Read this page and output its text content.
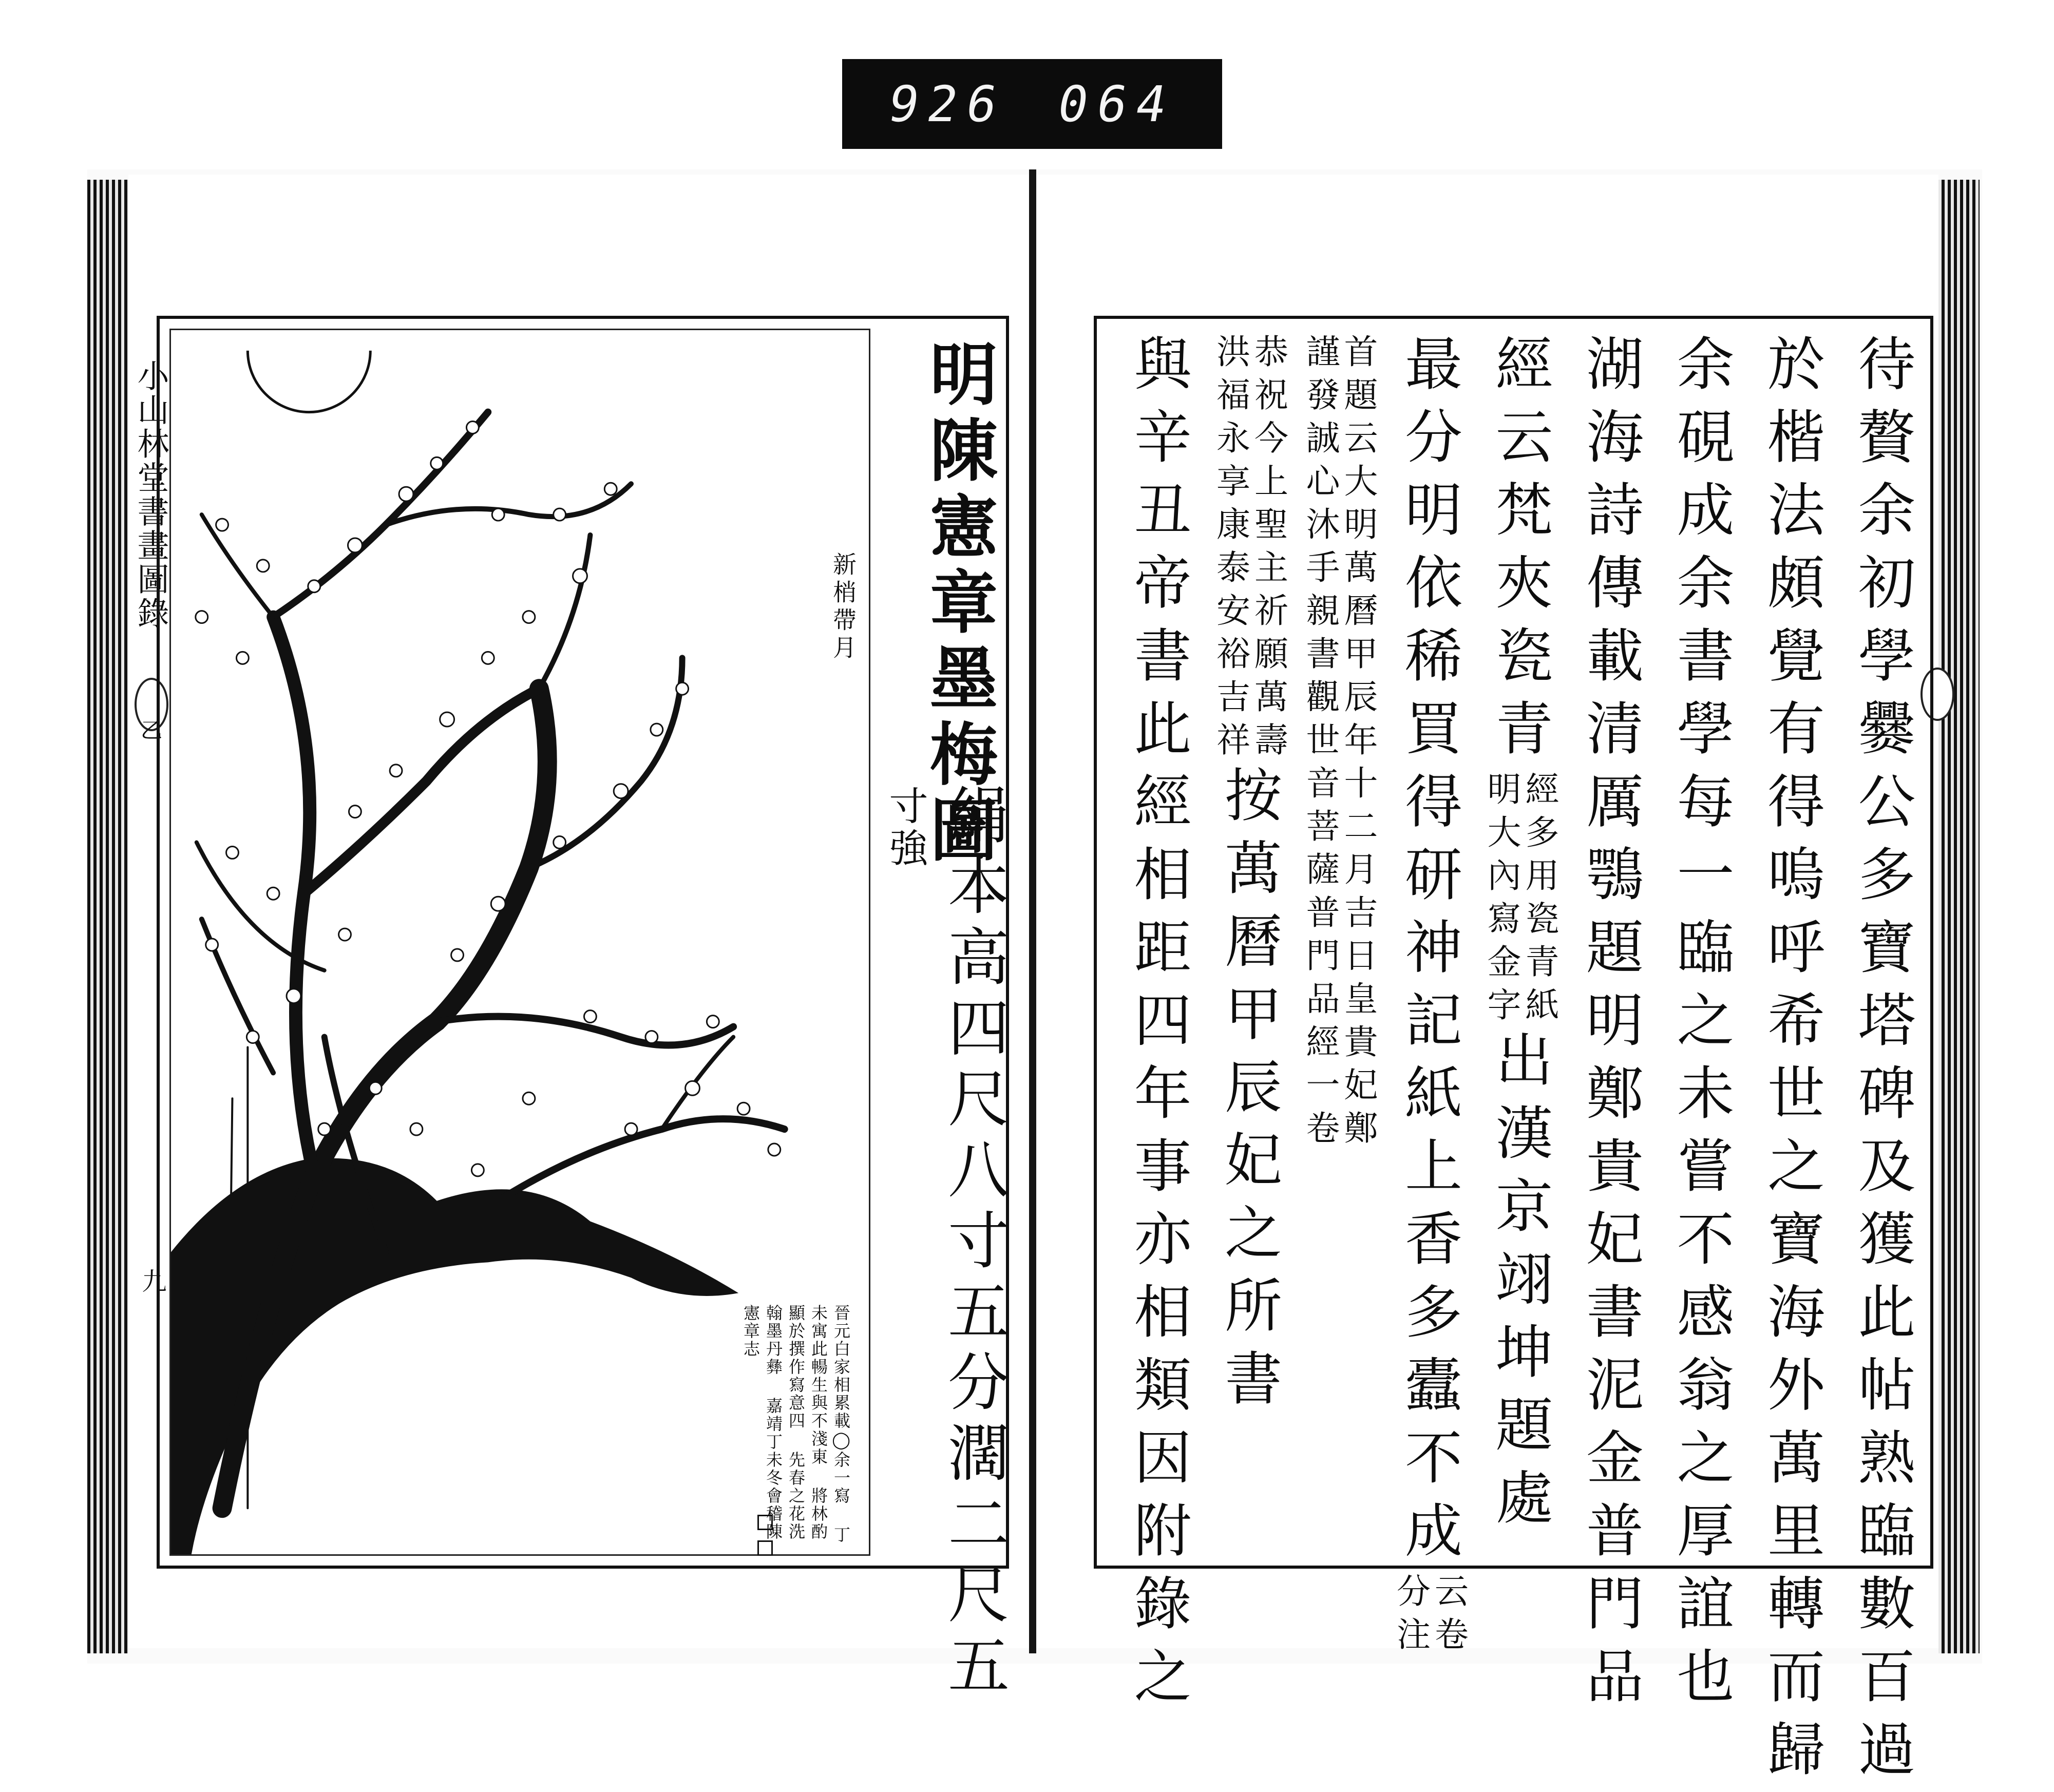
926 064
小山林堂書畫圖錄
乙
九
明陳憲章墨梅圖
絹本高四尺八寸五分濶二尺五
寸強
新梢帶月
晉元白家相累載◯余一寫 丁未寓此暢生與不淺東 將林酌顯於撰作寫意四 先春之花洗翰墨丹彝 嘉靖丁未冬會稽陳憲章志	待贅余初學爨公多寶塔碑及獲此帖熟臨數百過
於楷法頗覺有得嗚呼希世之寶海外萬里轉而歸
余硯成余書學每一臨之未嘗不感翁之厚誼也
湖海詩傳載清厲鶚題明鄭貴妃書泥金普門品
經云梵夾瓷青
經多用
明大內
瓷青紙
寫金字
出漢京翊坤題處
最分明依稀買得研神記紙上香多蠹不成
云卷
分注
首題云大明萬曆甲辰年十二月吉日皇貴妃鄭
謹發誠心沐手親書觀世音菩薩普門品經一卷
恭祝今上聖主祈願萬壽
洪福永享康泰安裕吉祥
按萬曆甲辰妃之所書
與辛丑帝書此經相距四年事亦相類因附錄之
